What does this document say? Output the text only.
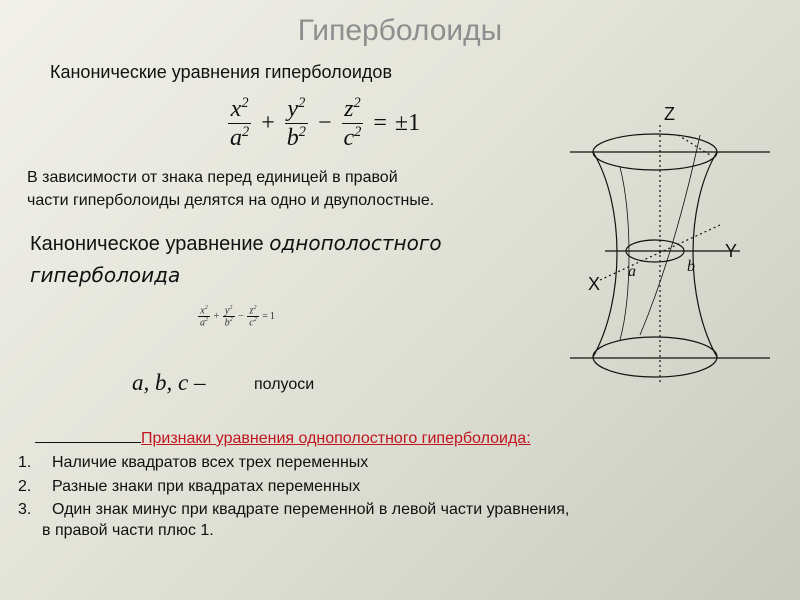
Гиперболоиды
Канонические уравнения гиперболоидов
$\frac{x^2}{a^2} + \frac{y^2}{b^2} - \frac{z^2}{c^2} = \pm 1$
В зависимости от знака перед единицей в правой
части гиперболоиды делятся на одно и двуполостные.
Каноническое уравнение однополостного
гиперболоида
$\frac{x^2}{a^2} + \frac{y^2}{b^2} - \frac{z^2}{c^2} = 1$
a, b, c –	полуоси
Признаки уравнения однополостного гиперболоида:
1. Наличие квадратов всех трех переменных
2. Разные знаки при квадратах переменных
3. Один знак минус при квадрате переменной в левой части уравнения,
в правой части плюс 1.
Z
Y
X
a	b
